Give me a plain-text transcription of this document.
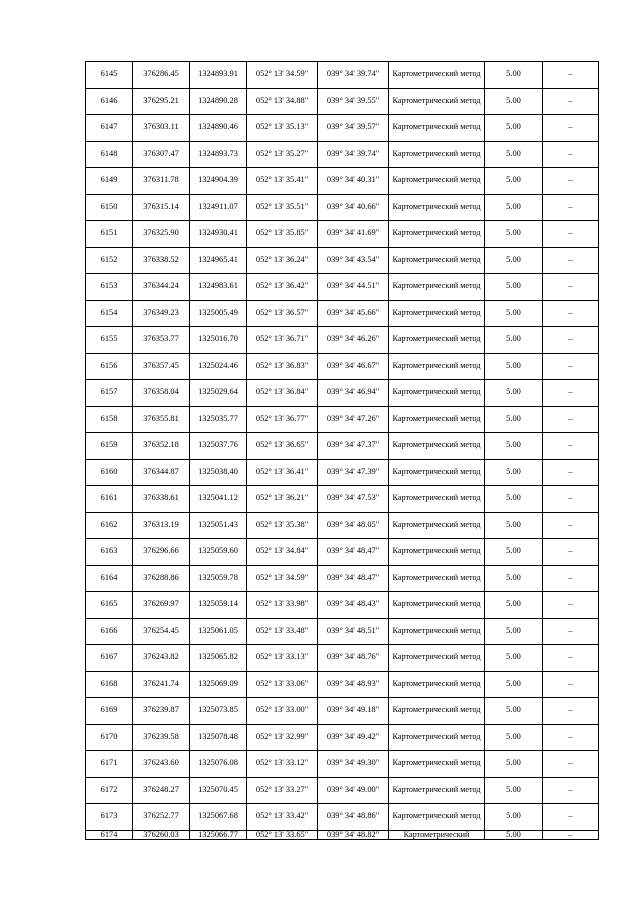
6145	376286.45	1324893.91	052° 13' 34.59"	039° 34' 39.74"	Картометрический метод	5.00	–
6146	376295.21	1324890.28	052° 13' 34.88"	039° 34' 39.55"	Картометрический метод	5.00	–
6147	376303.11	1324890.46	052° 13' 35.13"	039° 34' 39.57"	Картометрический метод	5.00	–
6148	376307.47	1324893.73	052° 13' 35.27"	039° 34' 39.74"	Картометрический метод	5.00	–
6149	376311.78	1324904.39	052° 13' 35.41"	039° 34' 40.31"	Картометрический метод	5.00	–
6150	376315.14	1324911.07	052° 13' 35.51"	039° 34' 40.66"	Картометрический метод	5.00	–
6151	376325.90	1324930.41	052° 13' 35.85"	039° 34' 41.69"	Картометрический метод	5.00	–
6152	376338.52	1324965.41	052° 13' 36.24"	039° 34' 43.54"	Картометрический метод	5.00	–
6153	376344.24	1324983.61	052° 13' 36.42"	039° 34' 44.51"	Картометрический метод	5.00	–
6154	376349.23	1325005.49	052° 13' 36.57"	039° 34' 45.66"	Картометрический метод	5.00	–
6155	376353.77	1325016.70	052° 13' 36.71"	039° 34' 46.26"	Картометрический метод	5.00	–
6156	376357.45	1325024.46	052° 13' 36.83"	039° 34' 46.67"	Картометрический метод	5.00	–
6157	376358.04	1325029.64	052° 13' 36.84"	039° 34' 46.94"	Картометрический метод	5.00	–
6158	376355.81	1325035.77	052° 13' 36.77"	039° 34' 47.26"	Картометрический метод	5.00	–
6159	376352.18	1325037.76	052° 13' 36.65"	039° 34' 47.37"	Картометрический метод	5.00	–
6160	376344.87	1325038.40	052° 13' 36.41"	039° 34' 47.39"	Картометрический метод	5.00	–
6161	376338.61	1325041.12	052° 13' 36.21"	039° 34' 47.53"	Картометрический метод	5.00	–
6162	376313.19	1325051.43	052° 13' 35.38"	039° 34' 48.05"	Картометрический метод	5.00	–
6163	376296.66	1325059.60	052° 13' 34.84"	039° 34' 48.47"	Картометрический метод	5.00	–
6164	376288.86	1325059.78	052° 13' 34.59"	039° 34' 48.47"	Картометрический метод	5.00	–
6165	376269.97	1325059.14	052° 13' 33.98"	039° 34' 48.43"	Картометрический метод	5.00	–
6166	376254.45	1325061.05	052° 13' 33.48"	039° 34' 48.51"	Картометрический метод	5.00	–
6167	376243.82	1325065.82	052° 13' 33.13"	039° 34' 48.76"	Картометрический метод	5.00	–
6168	376241.74	1325069.09	052° 13' 33.06"	039° 34' 48.93"	Картометрический метод	5.00	–
6169	376239.87	1325073.85	052° 13' 33.00"	039° 34' 49.18"	Картометрический метод	5.00	–
6170	376239.58	1325078.48	052° 13' 32.99"	039° 34' 49.42"	Картометрический метод	5.00	–
6171	376243.60	1325076.08	052° 13' 33.12"	039° 34' 49.30"	Картометрический метод	5.00	–
6172	376248.27	1325070.45	052° 13' 33.27"	039° 34' 49.00"	Картометрический метод	5.00	–
6173	376252.77	1325067.68	052° 13' 33.42"	039° 34' 48.86"	Картометрический метод	5.00	–
6174	376260.03	1325066.77	052° 13' 33.65"	039° 34' 48.82"	Картометрический	5.00	–
